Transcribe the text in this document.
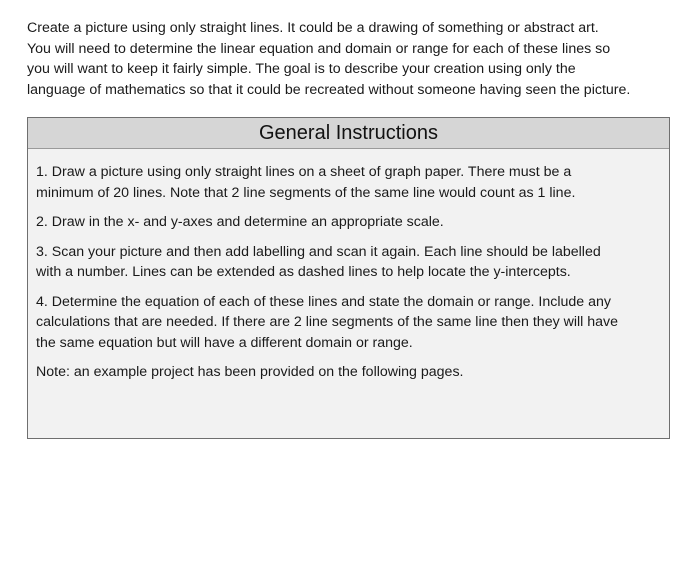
Create a picture using only straight lines. It could be a drawing of something or abstract art.

You will need to determine the linear equation and domain or range for each of these lines so

you will want to keep it fairly simple. The goal is to describe your creation using only the

language of mathematics so that it could be recreated without someone having seen the picture.

General Instructions

1. Draw a picture using only straight lines on a sheet of graph paper. There must be a

minimum of 20 lines. Note that 2 line segments of the same line would count as 1 line.

2. Draw in the x- and y-axes and determine an appropriate scale.

3. Scan your picture and then add labelling and scan it again. Each line should be labelled

with a number. Lines can be extended as dashed lines to help locate the y-intercepts.

4. Determine the equation of each of these lines and state the domain or range. Include any

calculations that are needed. If there are 2 line segments of the same line then they will have

the same equation but will have a different domain or range.

Note: an example project has been provided on the following pages.
